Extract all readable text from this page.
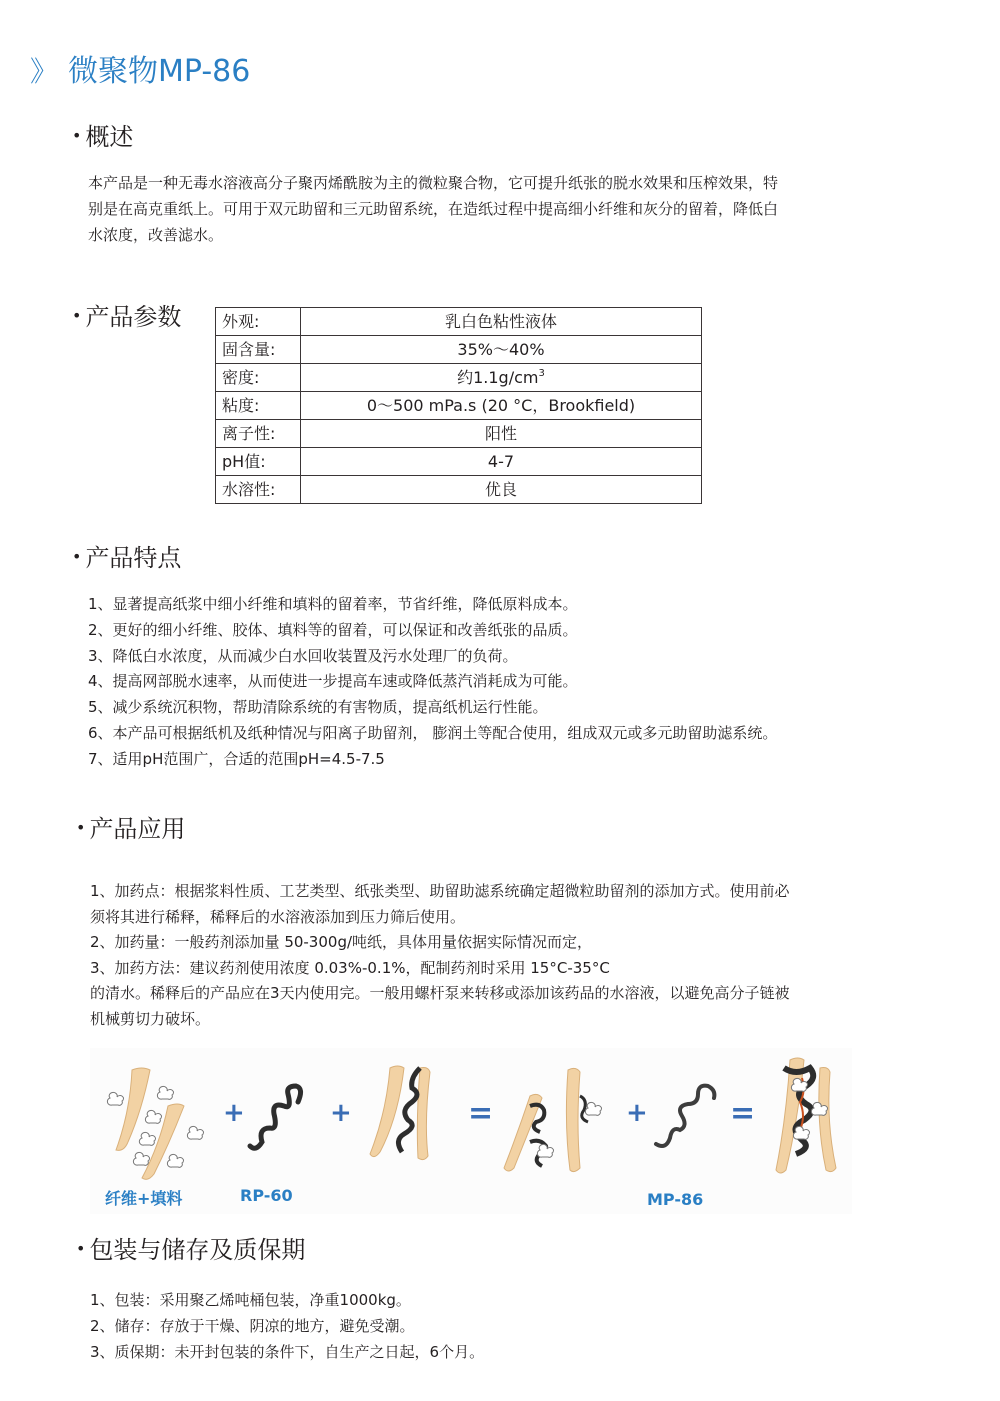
》 微聚物MP-86
• 概述

本产品是一种无毒水溶液高分子聚丙烯酰胺为主的微粒聚合物，它可提升纸张的脱水效果和压榨效果，特

别是在高克重纸上。可用于双元助留和三元助留系统，在造纸过程中提高细小纤维和灰分的留着，降低白

水浓度，改善滤水。

• 产品参数	外观:	乳白色粘性液体
固含量:	35%～40%
密度:	约$1.1g/cm^3$
粘度:	0～500 mPa.s (20 °C，Brookfield)
离子性:	阳性
pH值:	4-7
水溶性:	优良
• 产品特点
1、显著提高纸浆中细小纤维和填料的留着率，节省纤维，降低原料成本。
2、更好的细小纤维、胶体、填料等的留着，可以保证和改善纸张的品质。
3、降低白水浓度，从而减少白水回收装置及污水处理厂的负荷。
4、提高网部脱水速率，从而使进一步提高车速或降低蒸汽消耗成为可能。
5、减少系统沉积物，帮助清除系统的有害物质，提高纸机运行性能。
6、本产品可根据纸机及纸种情况与阳离子助留剂， 膨润土等配合使用，组成双元或多元助留助滤系统。
7、适用pH范围广，合适的范围pH=4.5-7.5
• 产品应用
1、加药点：根据浆料性质、工艺类型、纸张类型、助留助滤系统确定超微粒助留剂的添加方式。使用前必
须将其进行稀释，稀释后的水溶液添加到压力筛后使用。
2、加药量：一般药剂添加量 50-300g/吨纸，具体用量依据实际情况而定，
3、加药方法：建议药剂使用浓度 0.03%-0.1%，配制药剂时采用 15°C-35°C
的清水。稀释后的产品应在3天内使用完。一般用螺杆泵来转移或添加该药品的水溶液，以避免高分子链被
机械剪切力破坏。
+	+	=	+	=
纤维+填料	RP-60	MP-86
• 包装与储存及质保期
1、包装：采用聚乙烯吨桶包装，净重1000kg。
2、储存：存放于干燥、阴凉的地方，避免受潮。
3、质保期：未开封包装的条件下，自生产之日起，6个月。
